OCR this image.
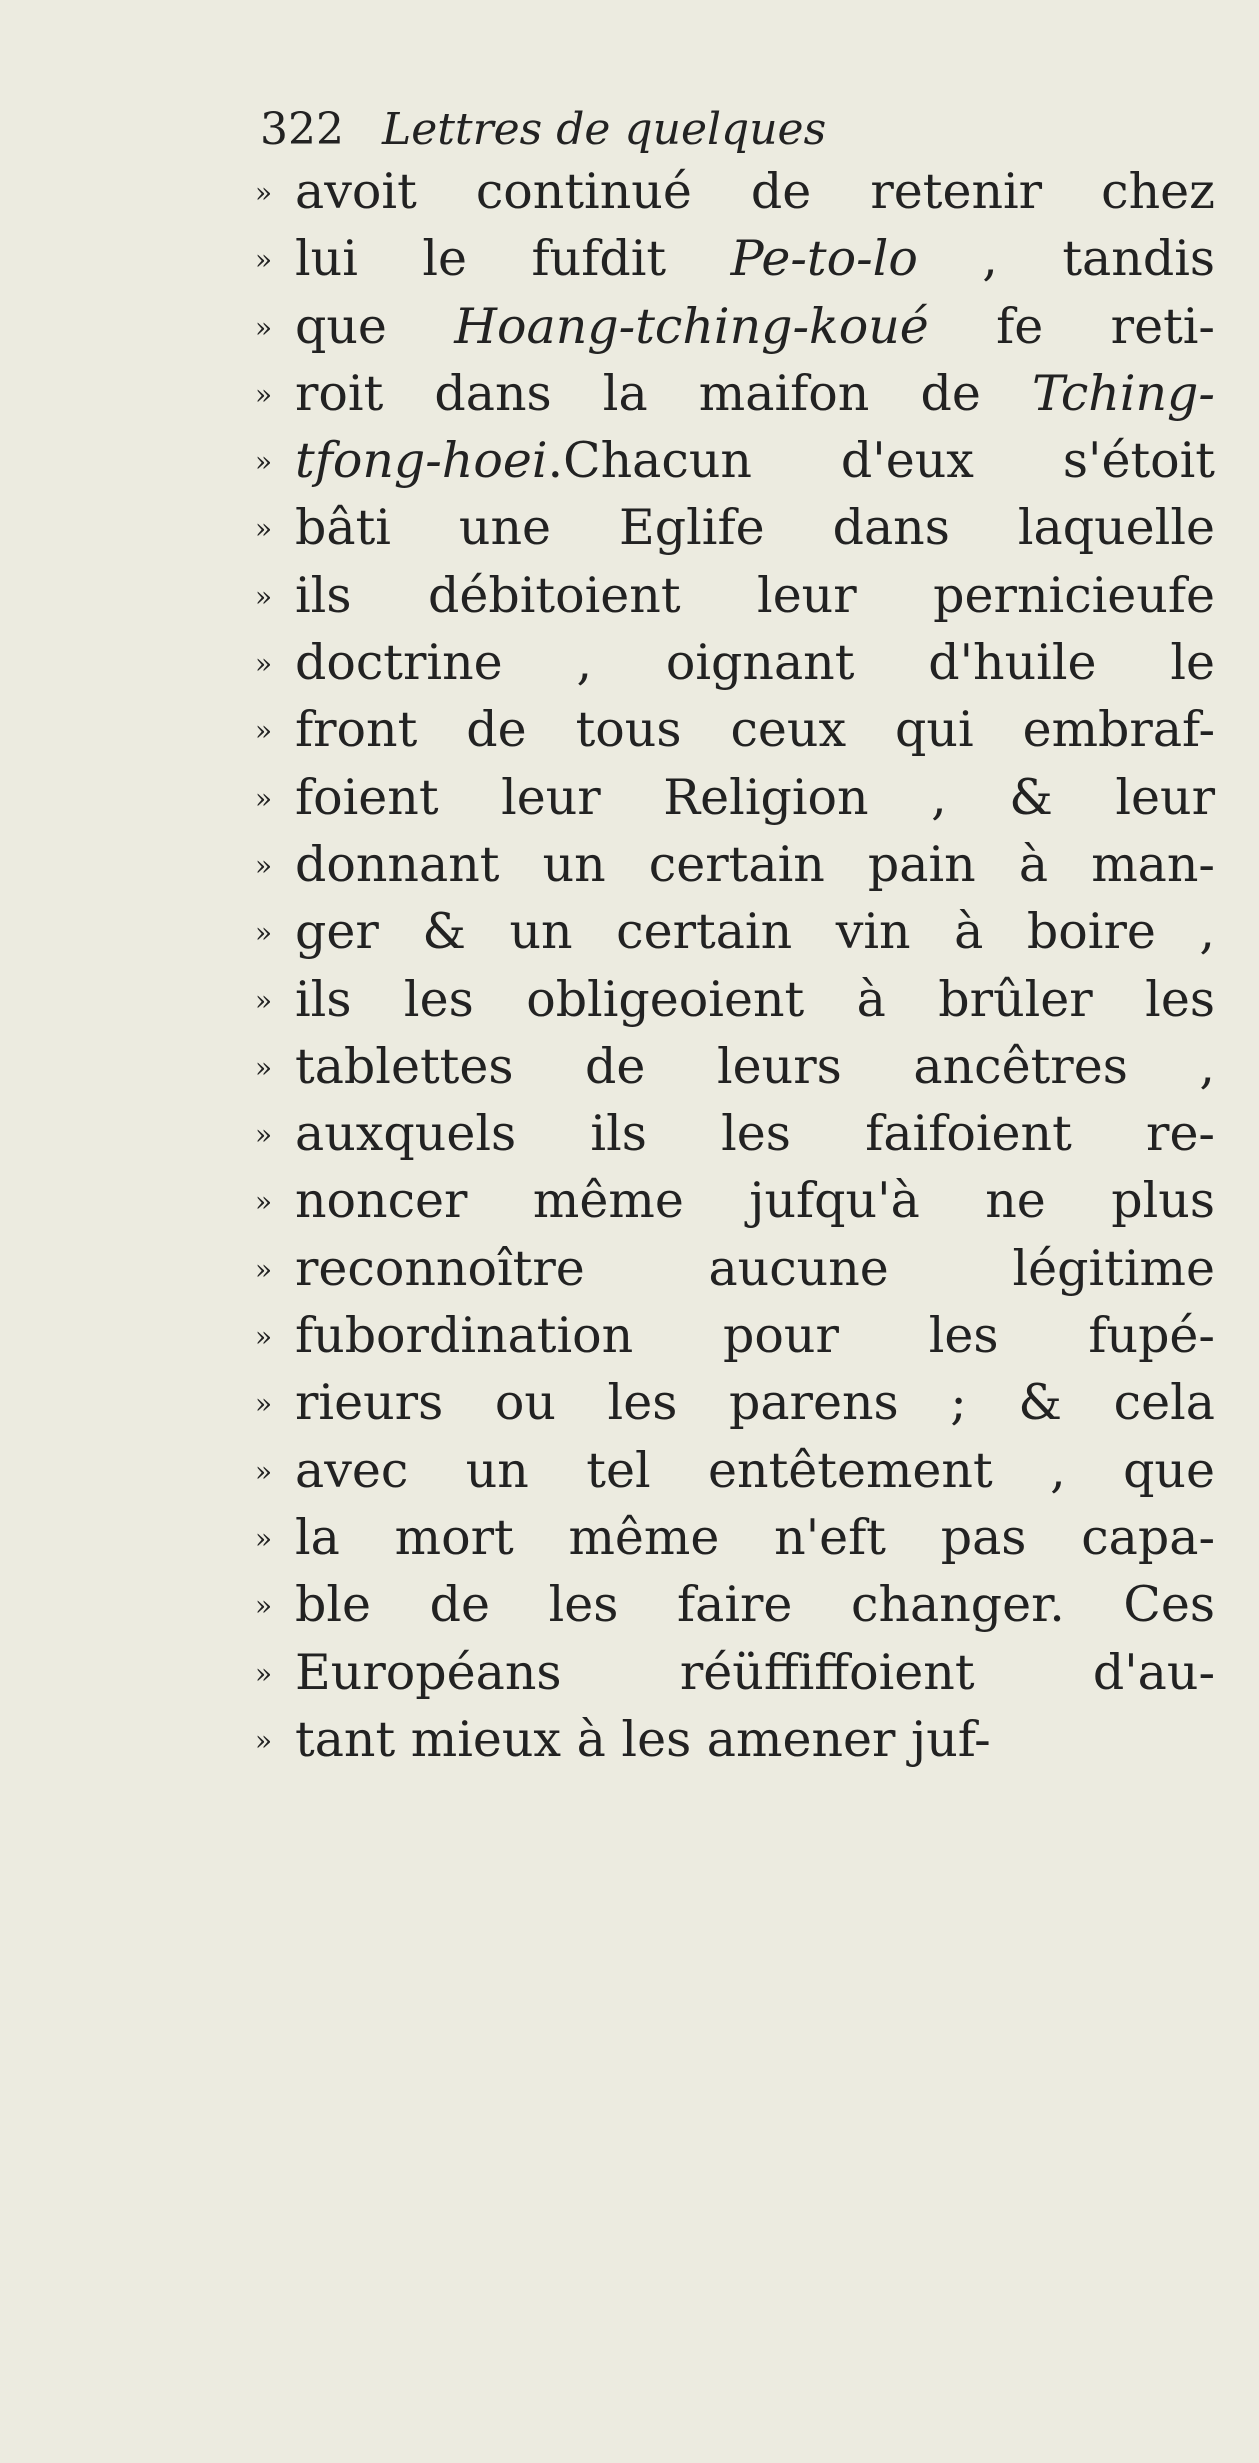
322 Lettres de quelques
» avoit continué de retenir chez
» lui le fufdit Pe-to-lo , tandis
» que Hoang-tching-koué fe reti-
» roit dans la maifon de Tching-
» tfong-hoei.Chacun d'eux s'étoit
» bâti une Eglife dans laquelle
» ils débitoient leur pernicieufe
» doctrine , oignant d'huile le
» front de tous ceux qui embraf-
» foient leur Religion , & leur
» donnant un certain pain à man-
» ger & un certain vin à boire ,
» ils les obligeoient à brûler les
» tablettes de leurs ancêtres ,
» auxquels ils les faifoient re-
» noncer même jufqu'à ne plus
» reconnoître aucune légitime
» fubordination pour les fupé-
» rieurs ou les parens ; & cela
» avec un tel entêtement , que
» la mort même n'eft pas capa-
» ble de les faire changer. Ces
» Européans réüffiffoient d'au-
» tant mieux à les amener juf-
